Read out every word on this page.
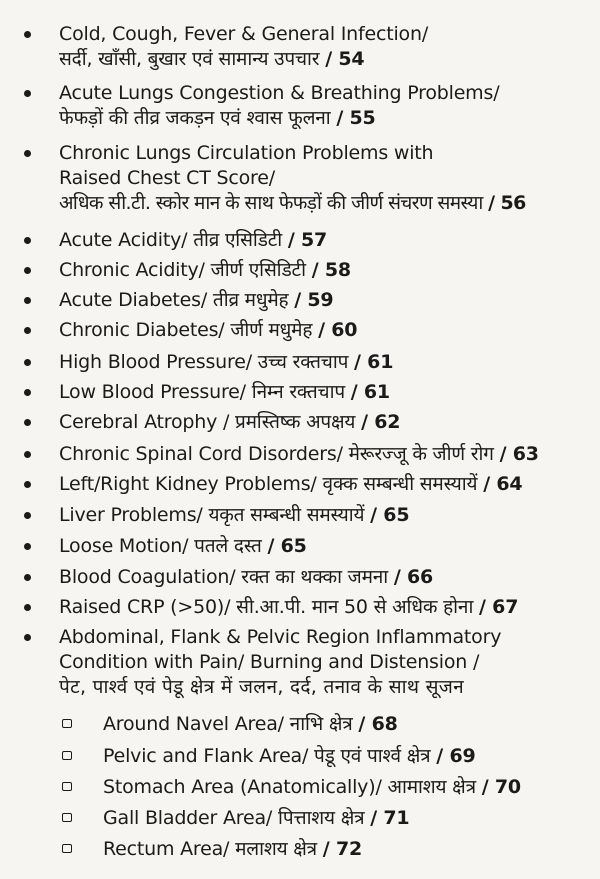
Cold, Cough, Fever & General Infection/
सर्दी, खाँसी, बुखार एवं सामान्य उपचार / 54
Acute Lungs Congestion & Breathing Problems/
फेफड़ों की तीव्र जकड़न एवं श्वास फूलना / 55
Chronic Lungs Circulation Problems with
Raised Chest CT Score/
अधिक सी.टी. स्कोर मान के साथ फेफड़ों की जीर्ण संचरण समस्या / 56
Acute Acidity/ तीव्र एसिडिटी / 57
Chronic Acidity/ जीर्ण एसिडिटी / 58
Acute Diabetes/ तीव्र मधुमेह / 59
Chronic Diabetes/ जीर्ण मधुमेह / 60
High Blood Pressure/ उच्च रक्तचाप / 61
Low Blood Pressure/ निम्न रक्तचाप / 61
Cerebral Atrophy / प्रमस्तिष्क अपक्षय / 62
Chronic Spinal Cord Disorders/ मेरूरज्जू के जीर्ण रोग / 63
Left/Right Kidney Problems/ वृक्क सम्बन्धी समस्यायें / 64
Liver Problems/ यकृत सम्बन्धी समस्यायें / 65
Loose Motion/ पतले दस्त / 65
Blood Coagulation/ रक्त का थक्का जमना / 66
Raised CRP (>50)/ सी.आ.पी. मान 50 से अधिक होना / 67
Abdominal, Flank & Pelvic Region Inflammatory
Condition with Pain/ Burning and Distension /
पेट, पार्श्व एवं पेडू क्षेत्र में जलन, दर्द, तनाव के साथ सूजन
Around Navel Area/ नाभि क्षेत्र / 68
Pelvic and Flank Area/ पेडू एवं पार्श्व क्षेत्र / 69
Stomach Area (Anatomically)/ आमाशय क्षेत्र / 70
Gall Bladder Area/ पित्ताशय क्षेत्र / 71
Rectum Area/ मलाशय क्षेत्र / 72
